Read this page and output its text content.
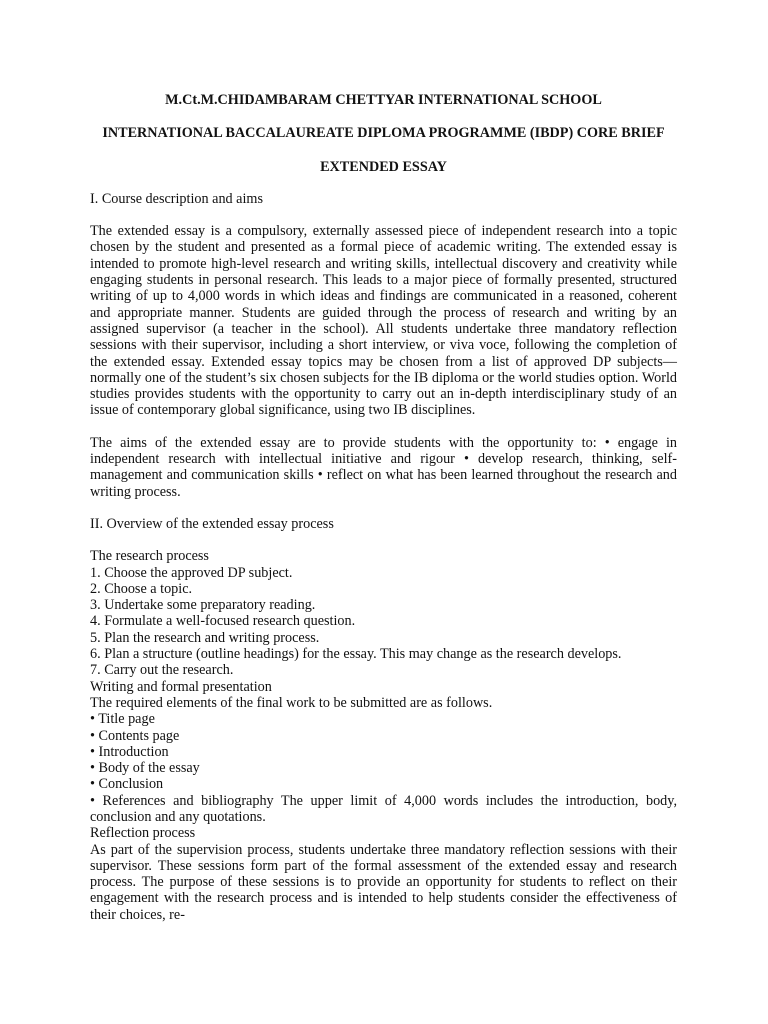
M.Ct.M.CHIDAMBARAM CHETTYAR INTERNATIONAL SCHOOL

INTERNATIONAL BACCALAUREATE DIPLOMA PROGRAMME (IBDP) CORE BRIEF

EXTENDED ESSAY

I. Course description and aims

The extended essay is a compulsory, externally assessed piece of independent research into a topic chosen by the student and presented as a formal piece of academic writing. The extended essay is intended to promote high-level research and writing skills, intellectual discovery and creativity while engaging students in personal research. This leads to a major piece of formally presented, structured writing of up to 4,000 words in which ideas and findings are communicated in a reasoned, coherent and appropriate manner. Students are guided through the process of research and writing by an assigned supervisor (a teacher in the school). All students undertake three mandatory reflection sessions with their supervisor, including a short interview, or viva voce, following the completion of the extended essay. Extended essay topics may be chosen from a list of approved DP subjects—normally one of the student’s six chosen subjects for the IB diploma or the world studies option. World studies provides students with the opportunity to carry out an in-depth interdisciplinary study of an issue of contemporary global significance, using two IB disciplines.

The aims of the extended essay are to provide students with the opportunity to: • engage in independent research with intellectual initiative and rigour • develop research, thinking, self-management and communication skills • reflect on what has been learned throughout the research and writing process.

II. Overview of the extended essay process

The research process

1. Choose the approved DP subject.
2. Choose a topic.
3. Undertake some preparatory reading.
4. Formulate a well-focused research question.
5. Plan the research and writing process.
6. Plan a structure (outline headings) for the essay. This may change as the research develops.
7. Carry out the research.

Writing and formal presentation

The required elements of the final work to be submitted are as follows.

• Title page
• Contents page
• Introduction
• Body of the essay
• Conclusion
• References and bibliography The upper limit of 4,000 words includes the introduction, body, conclusion and any quotations.

Reflection process

As part of the supervision process, students undertake three mandatory reflection sessions with their supervisor. These sessions form part of the formal assessment of the extended essay and research process. The purpose of these sessions is to provide an opportunity for students to reflect on their engagement with the research process and is intended to help students consider the effectiveness of their choices, re-
